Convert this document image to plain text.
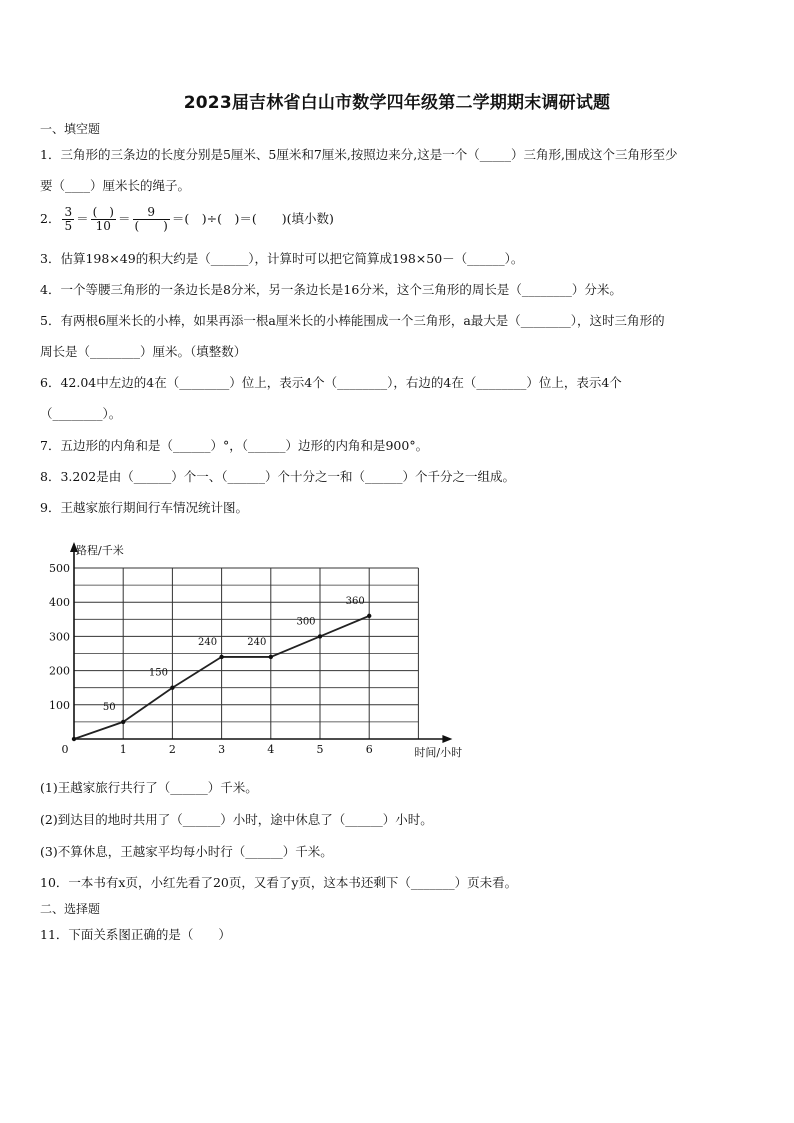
2023届吉林省白山市数学四年级第二学期期末调研试题
一、填空题
1．三角形的三条边的长度分别是5厘米、5厘米和7厘米,按照边来分,这是一个（_____）三角形,围成这个三角形至少
要（____）厘米长的绳子。
2． $\frac{3}{5} = \frac{( )}{10} = \frac{9}{( )}$ ＝(　)÷(　)＝(　　)(填小数)
3．估算198×49的积大约是（______），计算时可以把它简算成198×50－（______）。
4．一个等腰三角形的一条边长是8分米，另一条边长是16分米，这个三角形的周长是（________）分米。
5．有两根6厘米长的小棒，如果再添一根a厘米长的小棒能围成一个三角形，a最大是（________），这时三角形的
周长是（________）厘米。（填整数）
6．42.04中左边的4在（________）位上，表示4个（________），右边的4在（________）位上，表示4个
（________）。
7．五边形的内角和是（______）°，（______）边形的内角和是900°。
8．3.202是由（______）个一、（______）个十分之一和（______）个千分之一组成。
9．王越家旅行期间行车情况统计图。
路程/千米
时间/小时
0	1	2	3	4	5	6
100
200
300
400
500
50
150
240	240
300
360
(1)王越家旅行共行了（______）千米。
(2)到达目的地时共用了（______）小时，途中休息了（______）小时。
(3)不算休息，王越家平均每小时行（______）千米。
10．一本书有x页，小红先看了20页，又看了y页，这本书还剩下（_______）页未看。
二、选择题
11．下面关系图正确的是（　　）
